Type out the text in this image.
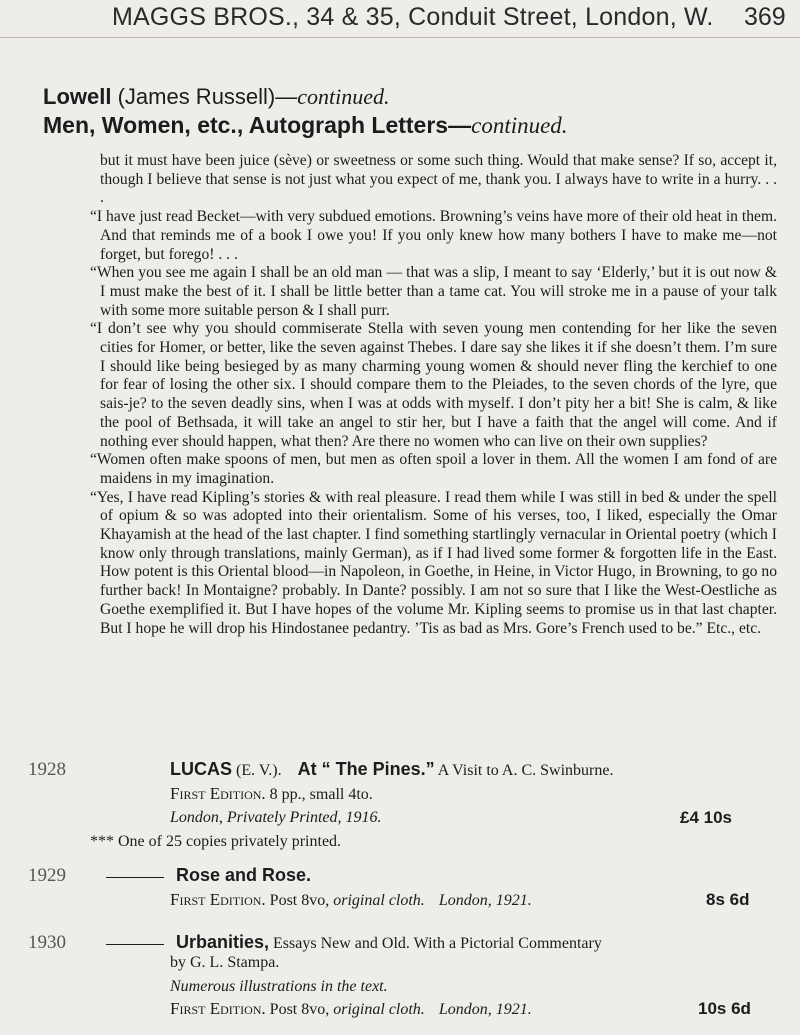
MAGGS BROS., 34 & 35, Conduit Street, London, W. 369
Lowell (James Russell)—continued.
Men, Women, etc., Autograph Letters—continued.

but it must have been juice (sève) or sweetness or some such thing. Would that make sense? If so, accept it, though I believe that sense is not just what you expect of me, thank you. I always have to write in a hurry. . . .

“I have just read Becket—with very subdued emotions. Browning’s veins have more of their old heat in them. And that reminds me of a book I owe you! If you only knew how many bothers I have to make me—not forget, but forego! . . .

“When you see me again I shall be an old man — that was a slip, I meant to say ‘Elderly,’ but it is out now & I must make the best of it. I shall be little better than a tame cat. You will stroke me in a pause of your talk with some more suitable person & I shall purr.

“I don’t see why you should commiserate Stella with seven young men contending for her like the seven cities for Homer, or better, like the seven against Thebes. I dare say she likes it if she doesn’t them. I’m sure I should like being besieged by as many charming young women & should never fling the kerchief to one for fear of losing the other six. I should compare them to the Pleiades, to the seven chords of the lyre, que sais-je? to the seven deadly sins, when I was at odds with myself. I don’t pity her a bit! She is calm, & like the pool of Bethsada, it will take an angel to stir her, but I have a faith that the angel will come. And if nothing ever should happen, what then? Are there no women who can live on their own supplies?

“Women often make spoons of men, but men as often spoil a lover in them. All the women I am fond of are maidens in my imagination.

“Yes, I have read Kipling’s stories & with real pleasure. I read them while I was still in bed & under the spell of opium & so was adopted into their orientalism. Some of his verses, too, I liked, especially the Omar Khayamish at the head of the last chapter. I find something startlingly vernacular in Oriental poetry (which I know only through translations, mainly German), as if I had lived some former & forgotten life in the East. How potent is this Oriental blood—in Napoleon, in Goethe, in Heine, in Victor Hugo, in Browning, to go no further back! In Montaigne? probably. In Dante? possibly. I am not so sure that I like the West-Oestliche as Goethe exemplified it. But I have hopes of the volume Mr. Kipling seems to promise us in that last chapter. But I hope he will drop his Hindostanee pedantry. ’Tis as bad as Mrs. Gore’s French used to be.” Etc., etc.

1928	LUCAS (E. V.). At “ The Pines.” A Visit to A. C. Swinburne.
First Edition. 8 pp., small 4to.
London, Privately Printed, 1916.	£4 10s
*** One of 25 copies privately printed.
1929	Rose and Rose.
First Edition. Post 8vo, original cloth. London, 1921.	8s 6d
1930	Urbanities, Essays New and Old. With a Pictorial Commentary
by G. L. Stampa.
Numerous illustrations in the text.
First Edition. Post 8vo, original cloth. London, 1921.	10s 6d
